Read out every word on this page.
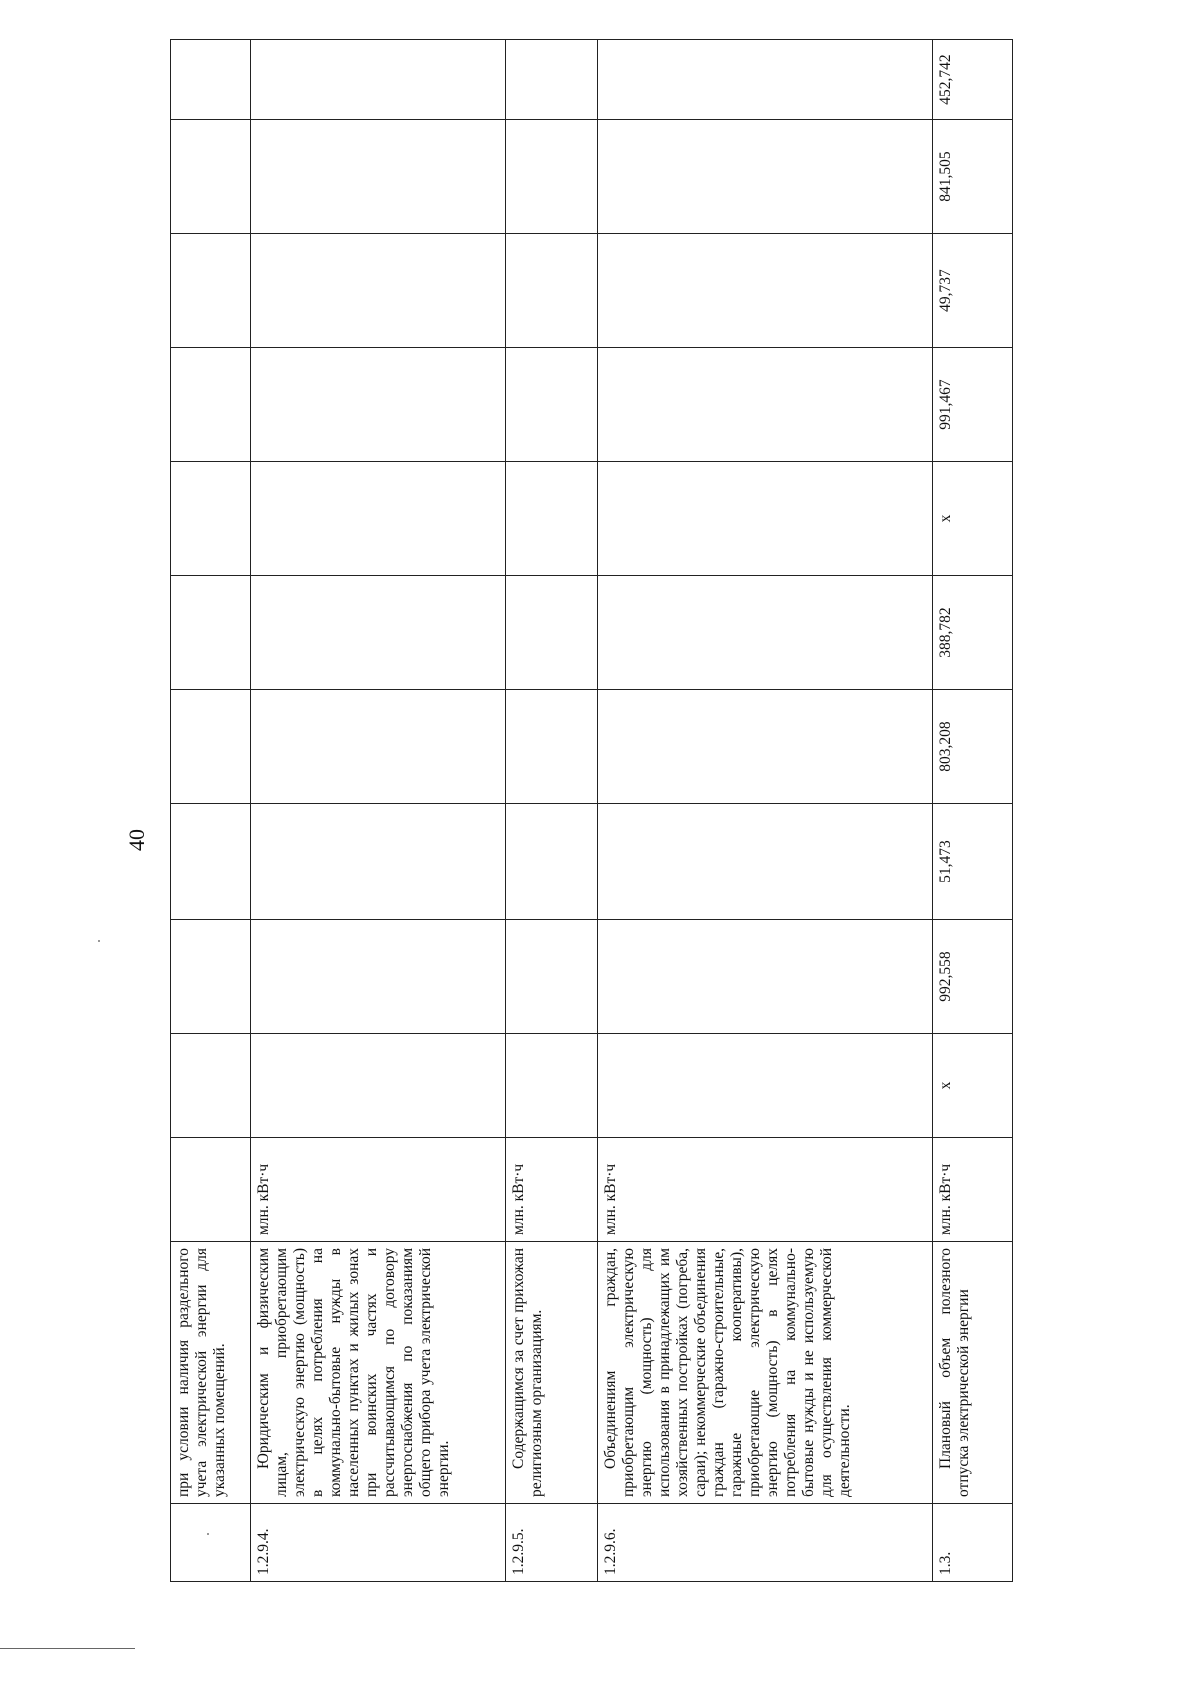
40
	при условии наличия раздельного учета электрической энергии для указанных помещений.											
1.2.9.4.	Юридическим и физическим лицам, приобретающим электрическую энергию (мощность) в целях потребления на коммунально-бытовые нужды в населенных пунктах и жилых зонах при воинских частях и рассчитывающимся по договору энергоснабжения по показаниям общего прибора учета электрической энергии.	млн. кВт·ч										
1.2.9.5.	Содержащимся за счет прихожан религиозным организациям.	млн. кВт·ч										
1.2.9.6.	Объединениям граждан, приобретающим электрическую энергию (мощность) для использования в принадлежащих им хозяйственных постройках (погреба, сараи); некоммерческие объединения граждан (гаражно-строительные, гаражные кооперативы), приобретающие электрическую энергию (мощность) в целях потребления на коммунально-бытовые нужды и не используемую для осуществления коммерческой деятельности.	млн. кВт·ч										
1.3.	Плановый объем полезного отпуска электрической энергии	млн. кВт·ч	x	992,558	51,473	803,208	388,782	x	991,467	49,737	841,505	452,742
